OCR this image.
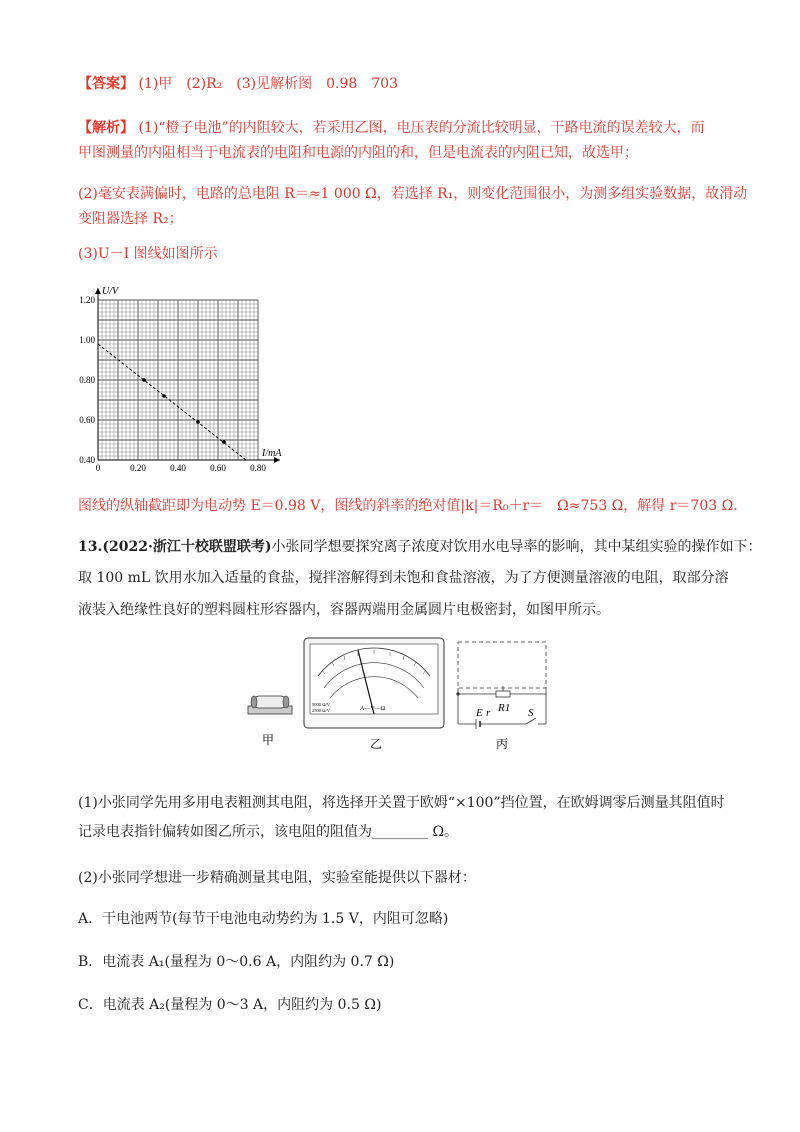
【答案】 (1)甲　(2)R₂　(3)见解析图　0.98　703
【解析】 (1)“橙子电池”的内阻较大，若采用乙图，电压表的分流比较明显，干路电流的误差较大，而
甲图测量的内阻相当于电流表的电阻和电源的内阻的和，但是电流表的内阻已知，故选甲；
(2)毫安表满偏时，电路的总电阻 R＝≈1 000 Ω，若选择 R₁，则变化范围很小，为测多组实验数据，故滑动
变阻器选择 R₂；
(3)U－I 图线如图所示
0	0.20	0.40	0.60	0.80
0.40
0.60
0.80
1.00
1.20
I/mA
U/V
图线的纵轴截距即为电动势 E＝0.98 V，图线的斜率的绝对值|k|＝R₀＋r＝　Ω≈753 Ω，解得 r＝703 Ω.
13.(2022·浙江十校联盟联考)小张同学想要探究离子浓度对饮用水电导率的影响，其中某组实验的操作如下：
取 100 mL 饮用水加入适量的食盐，搅拌溶解得到未饱和食盐溶液，为了方便测量溶液的电阻，取部分溶
液装入绝缘性良好的塑料圆柱形容器内，容器两端用金属圆片电极密封，如图甲所示。
甲
A—V—Ω
5000 Ω/V
2500 Ω/V
乙
E r R1 S
丙
(1)小张同学先用多用电表粗测其电阻，将选择开关置于欧姆“×100”挡位置，在欧姆调零后测量其阻值时
记录电表指针偏转如图乙所示，该电阻的阻值为________ Ω。
(2)小张同学想进一步精确测量其电阻，实验室能提供以下器材：
A．干电池两节(每节干电池电动势约为 1.5 V，内阻可忽略)
B．电流表 A₁(量程为 0～0.6 A，内阻约为 0.7 Ω)
C．电流表 A₂(量程为 0～3 A，内阻约为 0.5 Ω)
